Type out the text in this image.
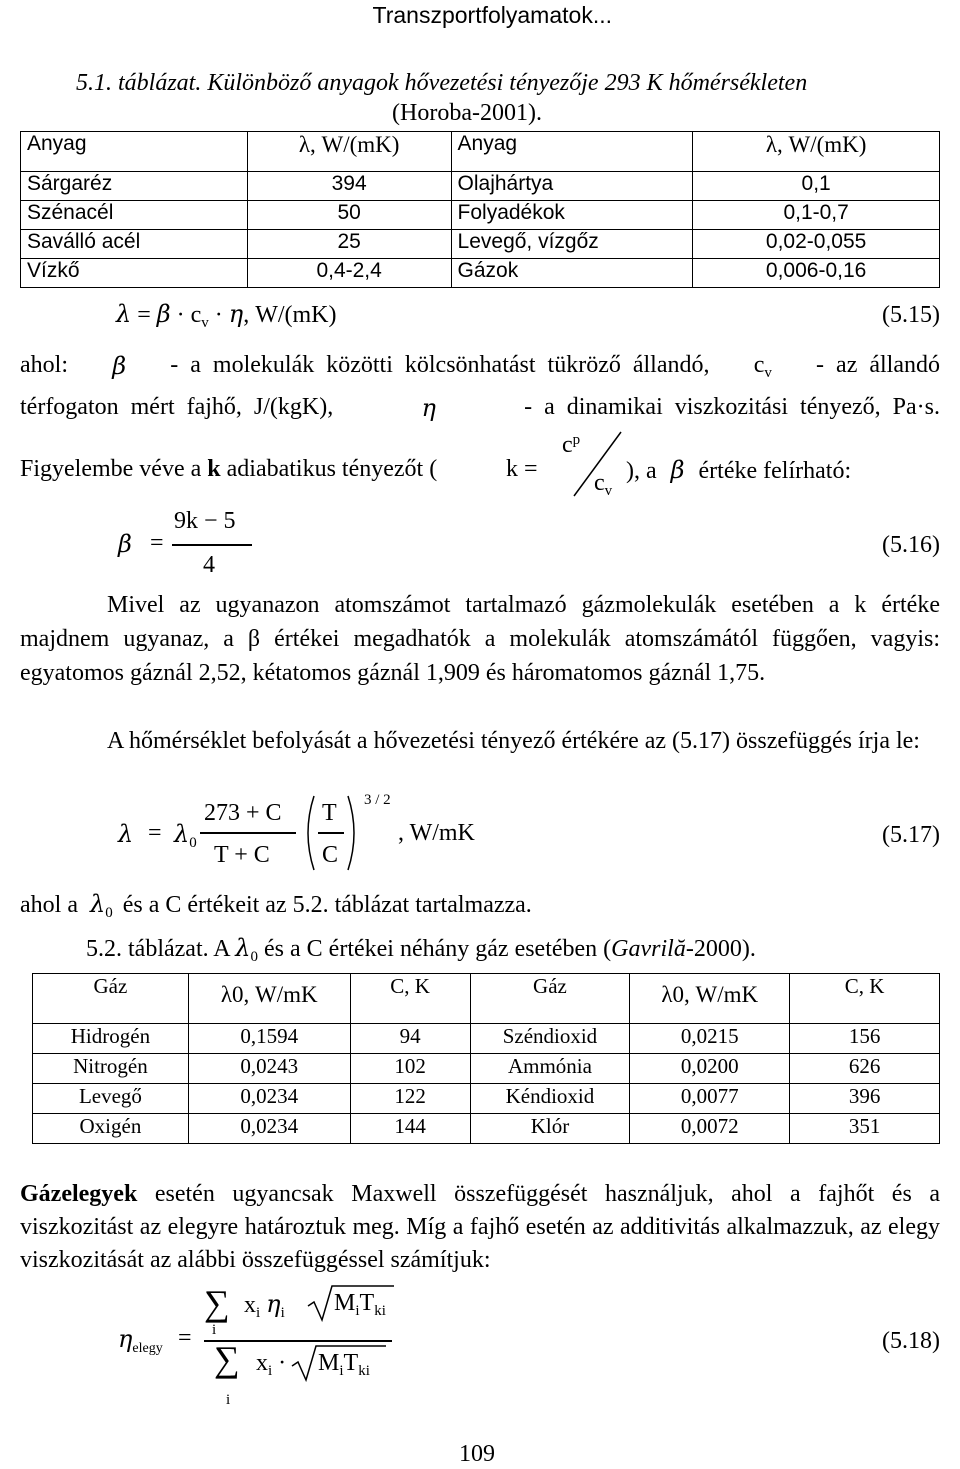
Transzportfolyamatok...
5.1. táblázat. Különböző anyagok hővezetési tényezője 293 K hőmérsékleten
(Horoba-2001).
Anyag	λ, W/(mK)	Anyag	λ, W/(mK)
Sárgaréz	394	Olajhártya	0,1
Szénacél	50	Folyadékok	0,1-0,7
Saválló acél	25	Levegő, vízgőz	0,02-0,055
Vízkő	0,4-2,4	Gázok	0,006-0,16
$\lambda = \beta \cdot c_v \cdot \eta$, W/(mK)	(5.15)
ahol: β - a molekulák közötti kölcsönhatást tükröző állandó, $c_v$ - az állandó
térfogaton mért fajhő, J/(kgK),	η	- a dinamikai viszkozitási tényező, Pa·s.
Figyelembe véve a k adiabatikus tényezőt (	k =
$c^p$
$c_v$
), a β értéke felírható:
β =
9k − 5
4
(5.16)
Mivel az ugyanazon atomszámot tartalmazó gázmolekulák esetében a k értéke majdnem ugyanaz, a β értékei megadhatók a molekulák atomszámától függően, vagyis: egyatomos gáznál 2,52, kétatomos gáznál 1,909 és háromatomos gáznál 1,75.
A hőmérséklet befolyását a hővezetési tényező értékére az (5.17) összefüggés írja le:
$\lambda = \lambda_0$
273 + C
T + C
T
C
3 / 2
, W/mK	(5.17)
ahol a $\lambda_0$ és a C értékeit az 5.2. táblázat tartalmazza.
5.2. táblázat. A $\lambda_0$ és a C értékei néhány gáz esetében (Gavrilă-2000).
Gáz	λ0, W/mK	C, K	Gáz	λ0, W/mK	C, K
Hidrogén	0,1594	94	Széndioxid	0,0215	156
Nitrogén	0,0243	102	Ammónia	0,0200	626
Levegő	0,0234	122	Kéndioxid	0,0077	396
Oxigén	0,0234	144	Klór	0,0072	351
Gázelegyek esetén ugyancsak Maxwell összefüggését használjuk, ahol a fajhőt és a viszkozitást az elegyre határoztuk meg. Míg a fajhő esetén az additivitás alkalmazzuk, az elegy viszkozitását az alábbi összefüggéssel számítjuk:
$\eta_{elegy}$ =
∑
i
$x_i$ $\eta_i$ $M_iT_{ki}$
∑
i
$x_i \cdot M_iT_{ki}$
(5.18)
109
